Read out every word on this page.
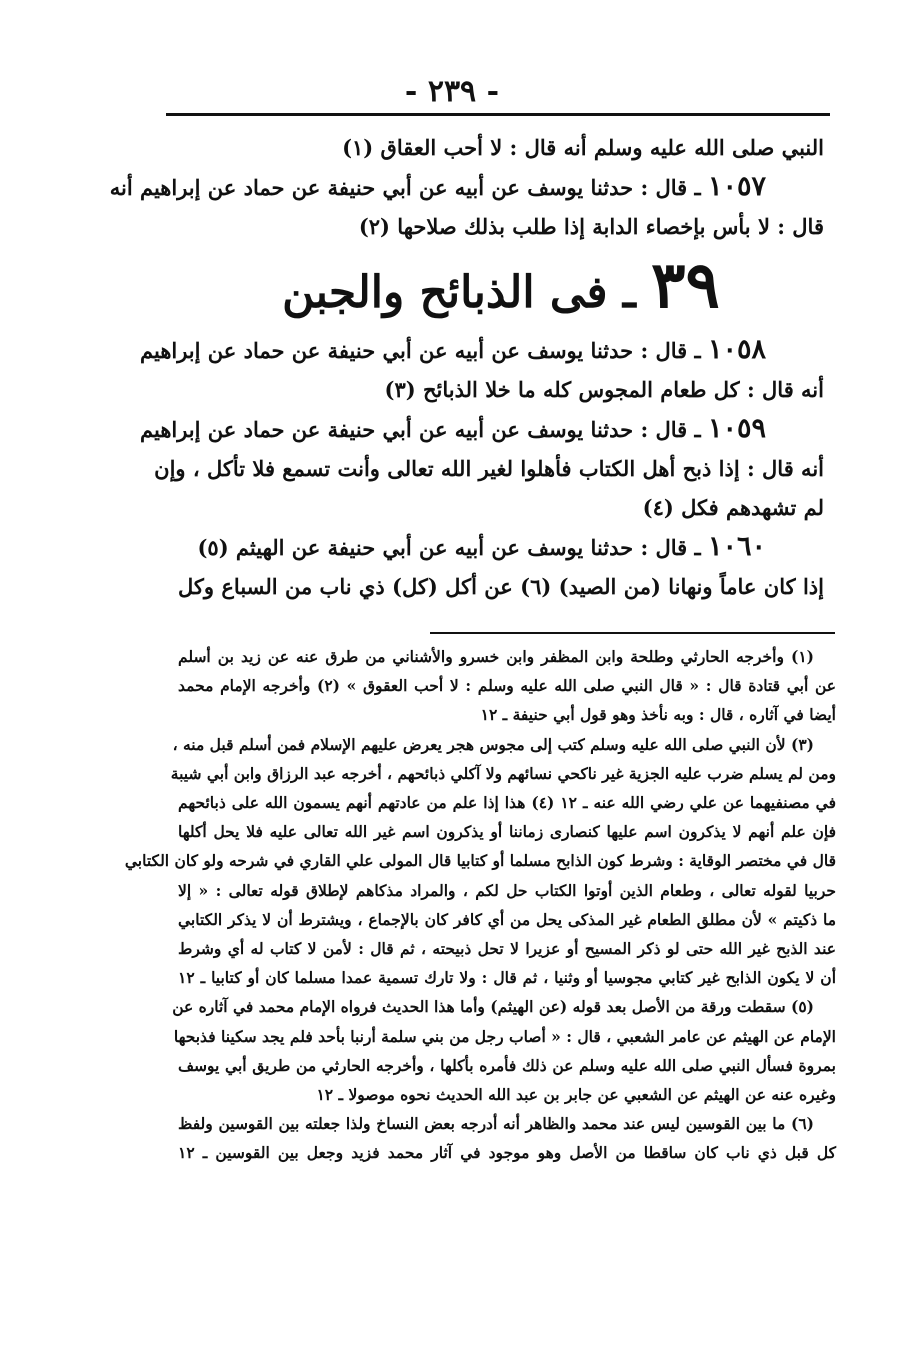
- ٢٣٩ -
النبي صلى الله عليه وسلم أنه قال : لا أحب العقاق (١)
١٠٥٧ ـ قال : حدثنا يوسف عن أبيه عن أبي حنيفة عن حماد عن إبراهيم أنه
قال : لا بأس بإخصاء الدابة إذا طلب بذلك صلاحها (٢)
٣٩ ـ فى الذبائح والجبن
١٠٥٨ ـ قال : حدثنا يوسف عن أبيه عن أبي حنيفة عن حماد عن إبراهيم
أنه قال : كل طعام المجوس كله ما خلا الذبائح (٣)
١٠٥٩ ـ قال : حدثنا يوسف عن أبيه عن أبي حنيفة عن حماد عن إبراهيم
أنه قال : إذا ذبح أهل الكتاب فأهلوا لغير الله تعالى وأنت تسمع فلا تأكل ، وإن
لم تشهدهم فكل (٤)
١٠٦٠ ـ قال : حدثنا يوسف عن أبيه عن أبي حنيفة عن الهيثم (٥)
إذا كان عاماً ونهانا (من الصيد) (٦) عن أكل (كل) ذي ناب من السباع وكل
(١) وأخرجه الحارثي وطلحة وابن المظفر وابن خسرو والأشناني من طرق عنه عن زيد بن أسلم
عن أبي قتادة قال : « قال النبي صلى الله عليه وسلم : لا أحب العقوق » (٢) وأخرجه الإمام محمد
أيضا في آثاره ، قال : وبه نأخذ وهو قول أبي حنيفة ـ ١٢
(٣) لأن النبي صلى الله عليه وسلم كتب إلى مجوس هجر يعرض عليهم الإسلام فمن أسلم قبل منه ،
ومن لم يسلم ضرب عليه الجزية غير ناكحي نسائهم ولا آكلي ذبائحهم ، أخرجه عبد الرزاق وابن أبي شيبة
في مصنفيهما عن علي رضي الله عنه ـ ١٢ (٤) هذا إذا علم من عادتهم أنهم يسمون الله على ذبائحهم
فإن علم أنهم لا يذكرون اسم عليها كنصارى زماننا أو يذكرون اسم غير الله تعالى عليه فلا يحل أكلها
قال في مختصر الوقاية : وشرط كون الذابح مسلما أو كتابيا قال المولى علي القاري في شرحه ولو كان الكتابي
حربيا لقوله تعالى ، وطعام الذين أوتوا الكتاب حل لكم ، والمراد مذكاهم لإطلاق قوله تعالى : « إلا
ما ذكيتم » لأن مطلق الطعام غير المذكى يحل من أي كافر كان بالإجماع ، ويشترط أن لا يذكر الكتابي
عند الذبح غير الله حتى لو ذكر المسيح أو عزيرا لا تحل ذبيحته ، ثم قال : لأمن لا كتاب له أي وشرط
أن لا يكون الذابح غير كتابي مجوسيا أو وثنيا ، ثم قال : ولا تارك تسمية عمدا مسلما كان أو كتابيا ـ ١٢
(٥) سقطت ورقة من الأصل بعد قوله (عن الهيثم) وأما هذا الحديث فرواه الإمام محمد في آثاره عن
الإمام عن الهيثم عن عامر الشعبي ، قال : « أصاب رجل من بني سلمة أرنبا بأحد فلم يجد سكينا فذبحها
بمروة فسأل النبي صلى الله عليه وسلم عن ذلك فأمره بأكلها ، وأخرجه الحارثي من طريق أبي يوسف
وغيره عنه عن الهيثم عن الشعبي عن جابر بن عبد الله الحديث نحوه موصولا ـ ١٢
(٦) ما بين القوسين ليس عند محمد والظاهر أنه أدرجه بعض النساخ ولذا جعلته بين القوسين ولفظ
كل قبل ذي ناب كان ساقطا من الأصل وهو موجود في آثار محمد فزيد وجعل بين القوسين ـ ١٢
